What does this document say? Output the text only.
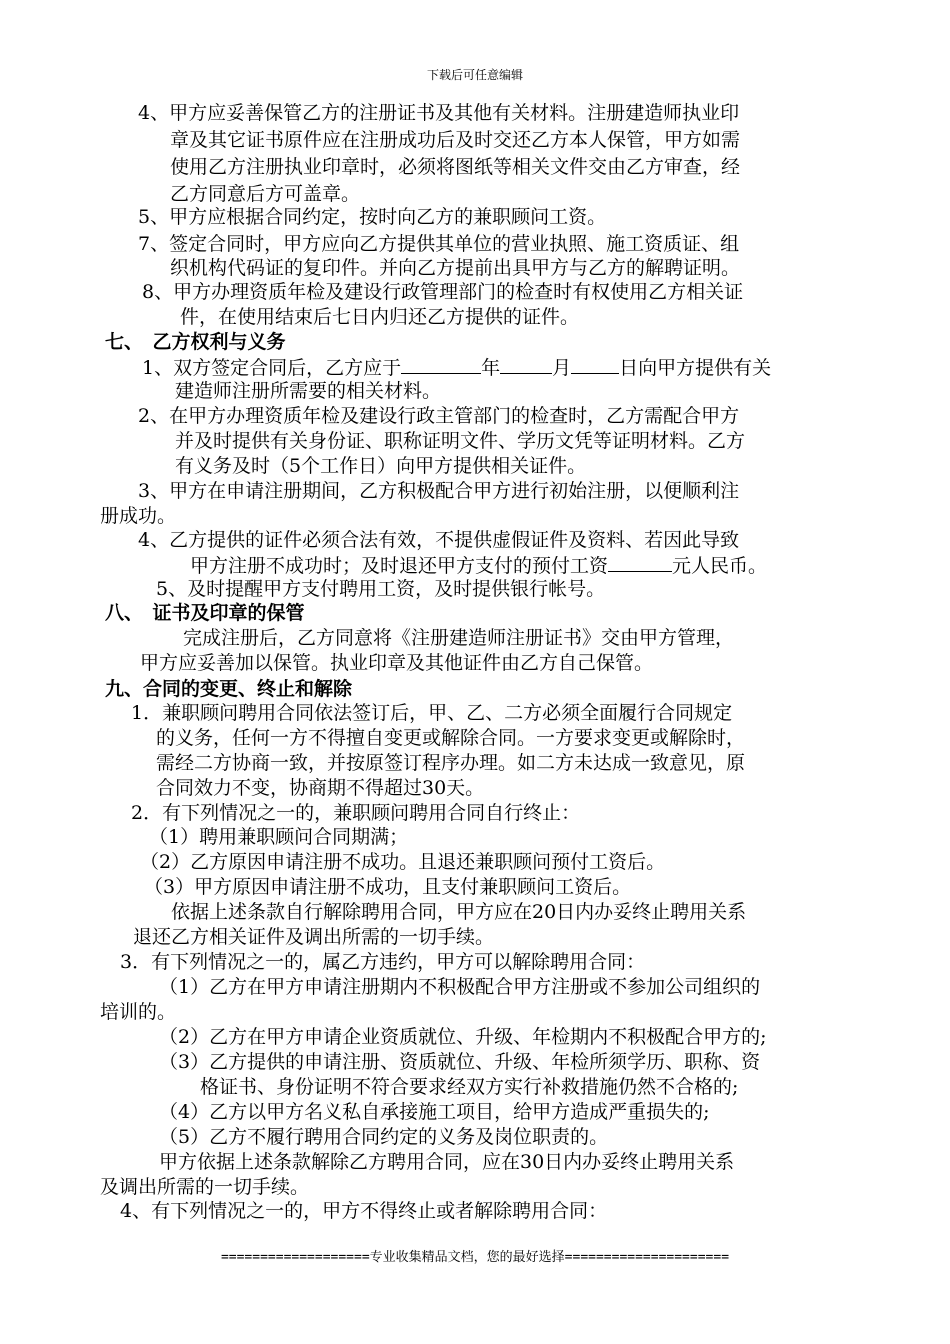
下载后可任意编辑
4、甲方应妥善保管乙方的注册证书及其他有关材料。注册建造师执业印
章及其它证书原件应在注册成功后及时交还乙方本人保管，甲方如需
使用乙方注册执业印章时，必须将图纸等相关文件交由乙方审查，经
乙方同意后方可盖章。
5、甲方应根据合同约定，按时向乙方的兼职顾问工资。
7、签定合同时，甲方应向乙方提供其单位的营业执照、施工资质证、组
织机构代码证的复印件。并向乙方提前出具甲方与乙方的解聘证明。
8、甲方办理资质年检及建设行政管理部门的检查时有权使用乙方相关证
件，在使用结束后七日内归还乙方提供的证件。
七、　乙方权利与义务
1、双方签定合同后，乙方应于	年	月	日向甲方提供有关
建造师注册所需要的相关材料。
2、在甲方办理资质年检及建设行政主管部门的检查时，乙方需配合甲方
并及时提供有关身份证、职称证明文件、学历文凭等证明材料。乙方
有义务及时（5个工作日）向甲方提供相关证件。
3、甲方在申请注册期间，乙方积极配合甲方进行初始注册，以便顺利注
册成功。
4、乙方提供的证件必须合法有效，不提供虚假证件及资料、若因此导致
甲方注册不成功时；及时退还甲方支付的预付工资	元人民币。
5、及时提醒甲方支付聘用工资，及时提供银行帐号。
八、　证书及印章的保管
完成注册后，乙方同意将《注册建造师注册证书》交由甲方管理，
甲方应妥善加以保管。执业印章及其他证件由乙方自己保管。
九、合同的变更、终止和解除
1．兼职顾问聘用合同依法签订后，甲、乙、二方必须全面履行合同规定
的义务，任何一方不得擅自变更或解除合同。一方要求变更或解除时，
需经二方协商一致，并按原签订程序办理。如二方未达成一致意见，原
合同效力不变，协商期不得超过30天。
2．有下列情况之一的，兼职顾问聘用合同自行终止：
（1）聘用兼职顾问合同期满；
（2）乙方原因申请注册不成功。且退还兼职顾问预付工资后。
（3）甲方原因申请注册不成功，且支付兼职顾问工资后。
依据上述条款自行解除聘用合同，甲方应在20日内办妥终止聘用关系
退还乙方相关证件及调出所需的一切手续。
3．有下列情况之一的，属乙方违约，甲方可以解除聘用合同：
（1）乙方在甲方申请注册期内不积极配合甲方注册或不参加公司组织的
培训的。
（2）乙方在甲方申请企业资质就位、升级、年检期内不积极配合甲方的;
（3）乙方提供的申请注册、资质就位、升级、年检所须学历、职称、资
格证书、身份证明不符合要求经双方实行补救措施仍然不合格的;
（4）乙方以甲方名义私自承接施工项目，给甲方造成严重损失的;
（5）乙方不履行聘用合同约定的义务及岗位职责的。
甲方依据上述条款解除乙方聘用合同，应在30日内办妥终止聘用关系
及调出所需的一切手续。
4、有下列情况之一的，甲方不得终止或者解除聘用合同：
===================专业收集精品文档，您的最好选择=====================
